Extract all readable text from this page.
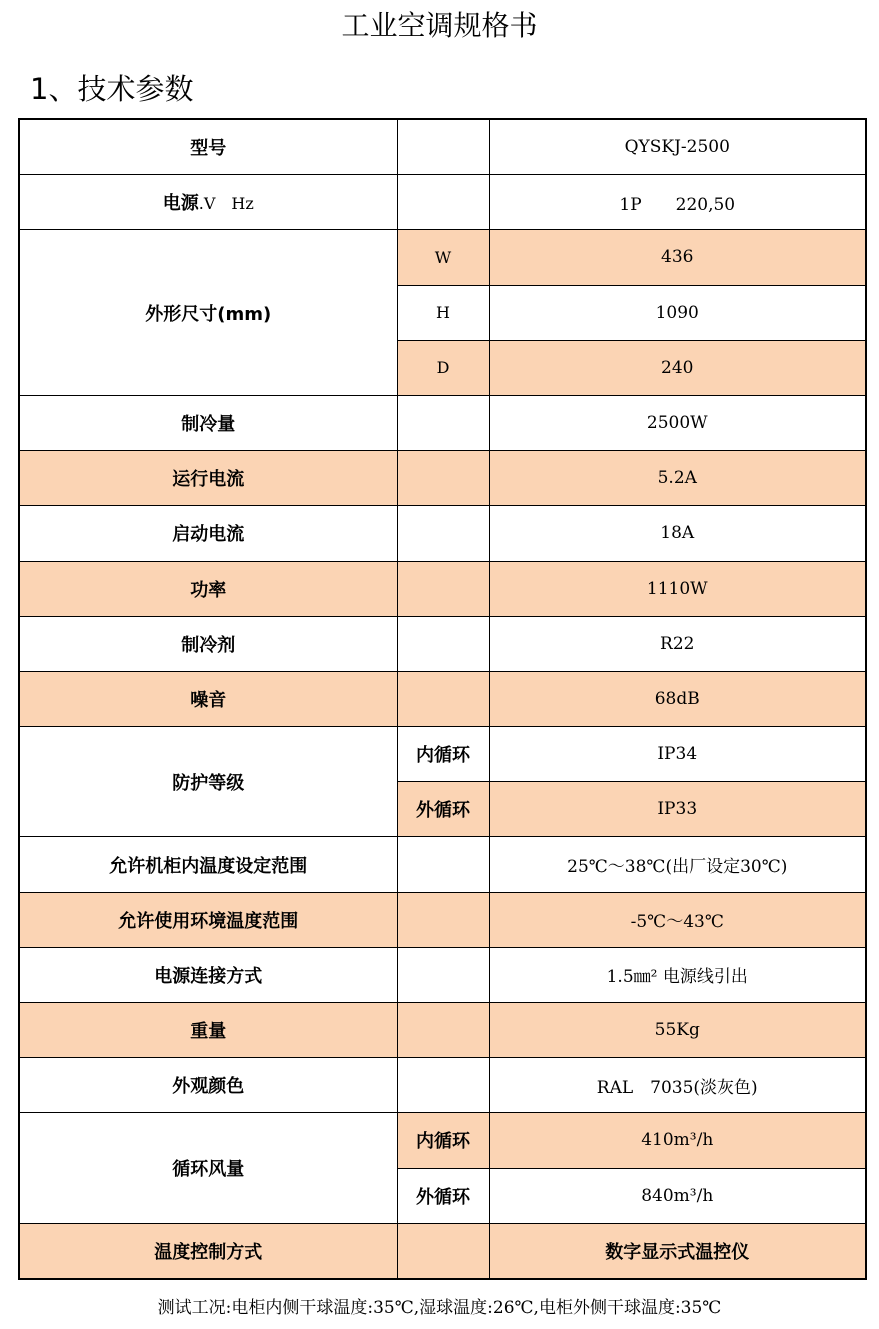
工业空调规格书
1、技术参数
型号		QYSKJ-2500
电源.V　Hz		1P　　220,50
外形尺寸(mm)	W	436
	H	1090
	D	240
制冷量		2500W
运行电流		5.2A
启动电流		18A
功率		1110W
制冷剂		R22
噪音		68dB
防护等级	内循环	IP34
	外循环	IP33
允许机柜内温度设定范围		25℃～38℃(出厂设定30℃)
允许使用环境温度范围		-5℃～43℃
电源连接方式		1.5㎜² 电源线引出
重量		55Kg
外观颜色		RAL　7035(淡灰色)
循环风量	内循环	410m³/h
	外循环	840m³/h
温度控制方式		数字显示式温控仪
测试工况:电柜内侧干球温度:35℃,湿球温度:26℃,电柜外侧干球温度:35℃
